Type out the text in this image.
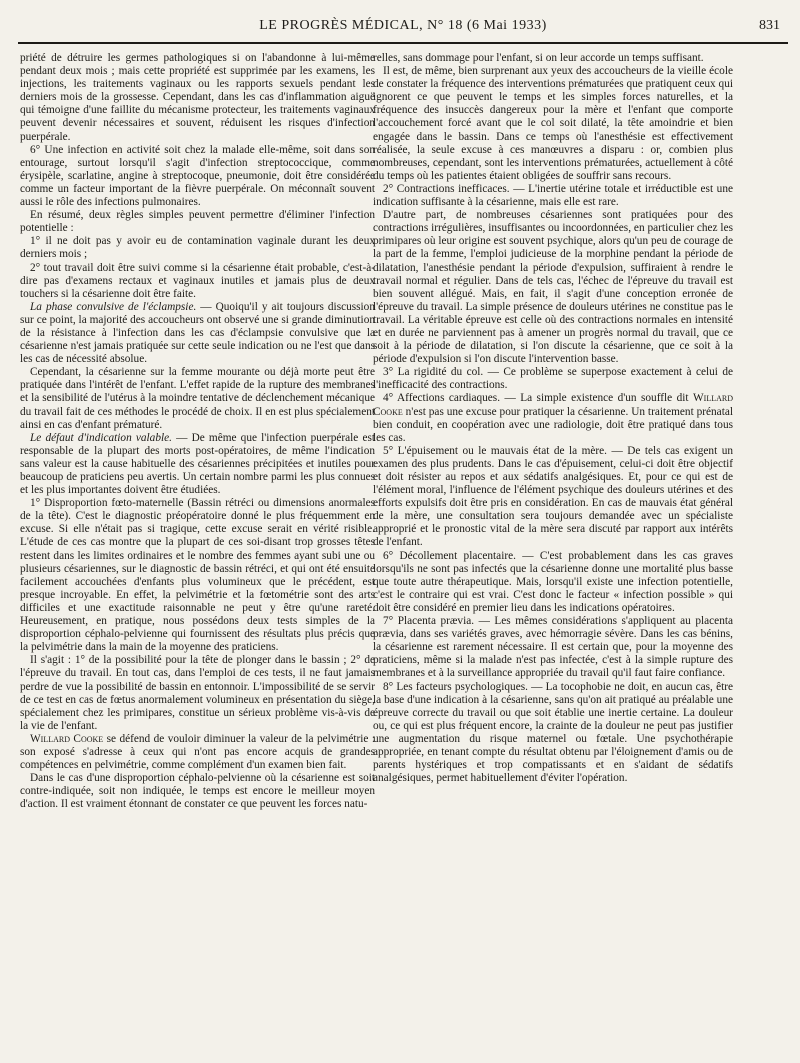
LE PROGRÈS MÉDICAL, N° 18 (6 Mai 1933)	831

priété de détruire les germes pathologiques si on l'abandonne à lui-même pendant deux mois ; mais cette propriété est supprimée par les examens, les injections, les traitements vaginaux ou les rapports sexuels pendant les derniers mois de la grossesse. Cependant, dans les cas d'inflammation aiguë qui témoigne d'une faillite du mécanisme protecteur, les traitements vaginaux peuvent devenir nécessaires et souvent, réduisent les risques d'infection puerpérale.

6° Une infection en activité soit chez la malade elle-même, soit dans son entourage, surtout lorsqu'il s'agit d'infection streptococcique, comme érysipèle, scarlatine, angine à streptocoque, pneumonie, doit être considérée comme un facteur important de la fièvre puerpérale. On méconnaît souvent aussi le rôle des infections pulmonaires.

En résumé, deux règles simples peuvent permettre d'éliminer l'infection potentielle :

1° il ne doit pas y avoir eu de contamination vaginale durant les deux derniers mois ;

2° tout travail doit être suivi comme si la césarienne était probable, c'est-à-dire pas d'examens rectaux et vaginaux inutiles et jamais plus de deux touchers si la césarienne doit être faite.

La phase convulsive de l'éclampsie. — Quoiqu'il y ait toujours discussion sur ce point, la majorité des accoucheurs ont observé une si grande diminution de la résistance à l'infection dans les cas d'éclampsie convulsive que la césarienne n'est jamais pratiquée sur cette seule indication ou ne l'est que dans les cas de nécessité absolue.

Cependant, la césarienne sur la femme mourante ou déjà morte peut être pratiquée dans l'intérêt de l'enfant. L'effet rapide de la rupture des membranes et la sensibilité de l'utérus à la moindre tentative de déclenchement mécanique du travail fait de ces méthodes le procédé de choix. Il en est plus spécialement ainsi en cas d'enfant prématuré.

Le défaut d'indication valable. — De même que l'infection puerpérale est responsable de la plupart des morts post-opératoires, de même l'indication sans valeur est la cause habituelle des césariennes précipitées et inutiles pour beaucoup de praticiens peu avertis. Un certain nombre parmi les plus connues et les plus importantes doivent être étudiées.

1° Disproportion fœto-maternelle (Bassin rétréci ou dimensions anormales de la tête). C'est le diagnostic préopératoire donné le plus fréquemment en excuse. Si elle n'était pas si tragique, cette excuse serait en vérité risible. L'étude de ces cas montre que la plupart de ces soi-disant trop grosses têtes restent dans les limites ordinaires et le nombre des femmes ayant subi une ou plusieurs césariennes, sur le diagnostic de bassin rétréci, et qui ont été ensuite facilement accouchées d'enfants plus volumineux que le précédent, est presque incroyable. En effet, la pelvimétrie et la fœtométrie sont des arts difficiles et une exactitude raisonnable ne peut y être qu'une rareté. Heureusement, en pratique, nous possédons deux tests simples de la disproportion céphalo-pelvienne qui fournissent des résultats plus précis que la pelvimétrie dans la main de la moyenne des praticiens.

Il s'agit : 1° de la possibilité pour la tête de plonger dans le bassin ; 2° de l'épreuve du travail. En tout cas, dans l'emploi de ces tests, il ne faut jamais perdre de vue la possibilité de bassin en entonnoir. L'impossibilité de se servir de ce test en cas de fœtus anormalement volumineux en présentation du siège, spécialement chez les primipares, constitue un sérieux problème vis-à-vis de la vie de l'enfant.

Willard Cooke se défend de vouloir diminuer la valeur de la pelvimétrie : son exposé s'adresse à ceux qui n'ont pas encore acquis de grandes compétences en pelvimétrie, comme complément d'un examen bien fait.

Dans le cas d'une disproportion céphalo-pelvienne où la césarienne est soit contre-indiquée, soit non indiquée, le temps est encore le meilleur moyen d'action. Il est vraiment étonnant de constater ce que peuvent les forces natu-

relles, sans dommage pour l'enfant, si on leur accorde un temps suffisant.

Il est, de même, bien surprenant aux yeux des accoucheurs de la vieille école de constater la fréquence des interventions prématurées que pratiquent ceux qui ignorent ce que peuvent le temps et les simples forces naturelles, et la fréquence des insuccès dangereux pour la mère et l'enfant que comporte l'accouchement forcé avant que le col soit dilaté, la tête amoindrie et bien engagée dans le bassin. Dans ce temps où l'anesthésie est effectivement réalisée, la seule excuse à ces manœuvres a disparu : or, combien plus nombreuses, cependant, sont les interventions prématurées, actuellement à côté du temps où les patientes étaient obligées de souffrir sans recours.

2° Contractions inefficaces. — L'inertie utérine totale et irréductible est une indication suffisante à la césarienne, mais elle est rare.

D'autre part, de nombreuses césariennes sont pratiquées pour des contractions irrégulières, insuffisantes ou incoordonnées, en particulier chez les primipares où leur origine est souvent psychique, alors qu'un peu de courage de la part de la femme, l'emploi judicieuse de la morphine pendant la période de dilatation, l'anesthésie pendant la période d'expulsion, suffiraient à rendre le travail normal et régulier. Dans de tels cas, l'échec de l'épreuve du travail est bien souvent allégué. Mais, en fait, il s'agit d'une conception erronée de l'épreuve du travail. La simple présence de douleurs utérines ne constitue pas le travail. La véritable épreuve est celle où des contractions normales en intensité et en durée ne parviennent pas à amener un progrès normal du travail, que ce soit à la période de dilatation, si l'on discute la césarienne, que ce soit à la période d'expulsion si l'on discute l'intervention basse.

3° La rigidité du col. — Ce problème se superpose exactement à celui de l'inefficacité des contractions.

4° Affections cardiaques. — La simple existence d'un souffle dit Willard Cooke n'est pas une excuse pour pratiquer la césarienne. Un traitement prénatal bien conduit, en coopération avec une radiologie, doit être pratiqué dans tous les cas.

5° L'épuisement ou le mauvais état de la mère. — De tels cas exigent un examen des plus prudents. Dans le cas d'épuisement, celui-ci doit être objectif et doit résister au repos et aux sédatifs analgésiques. Et, pour ce qui est de l'élément moral, l'influence de l'élément psychique des douleurs utérines et des efforts expulsifs doit être pris en considération. En cas de mauvais état général de la mère, une consultation sera toujours demandée avec un spécialiste approprié et le pronostic vital de la mère sera discuté par rapport aux intérêts de l'enfant.

6° Décollement placentaire. — C'est probablement dans les cas graves lorsqu'ils ne sont pas infectés que la césarienne donne une mortalité plus basse que toute autre thérapeutique. Mais, lorsqu'il existe une infection potentielle, c'est le contraire qui est vrai. C'est donc le facteur « infection possible » qui doit être considéré en premier lieu dans les indications opératoires.

7° Placenta prævia. — Les mêmes considérations s'appliquent au placenta prævia, dans ses variétés graves, avec hémorragie sévère. Dans les cas bénins, la césarienne est rarement nécessaire. Il est certain que, pour la moyenne des praticiens, même si la malade n'est pas infectée, c'est à la simple rupture des membranes et à la surveillance appropriée du travail qu'il faut faire confiance.

8° Les facteurs psychologiques. — La tocophobie ne doit, en aucun cas, être la base d'une indication à la césarienne, sans qu'on ait pratiqué au préalable une épreuve correcte du travail ou que soit établie une inertie certaine. La douleur ou, ce qui est plus fréquent encore, la crainte de la douleur ne peut pas justifier une augmentation du risque maternel ou fœtale. Une psychothérapie appropriée, en tenant compte du résultat obtenu par l'éloignement d'amis ou de parents hystériques et trop compatissants et en s'aidant de sédatifs analgésiques, permet habituellement d'éviter l'opération.
